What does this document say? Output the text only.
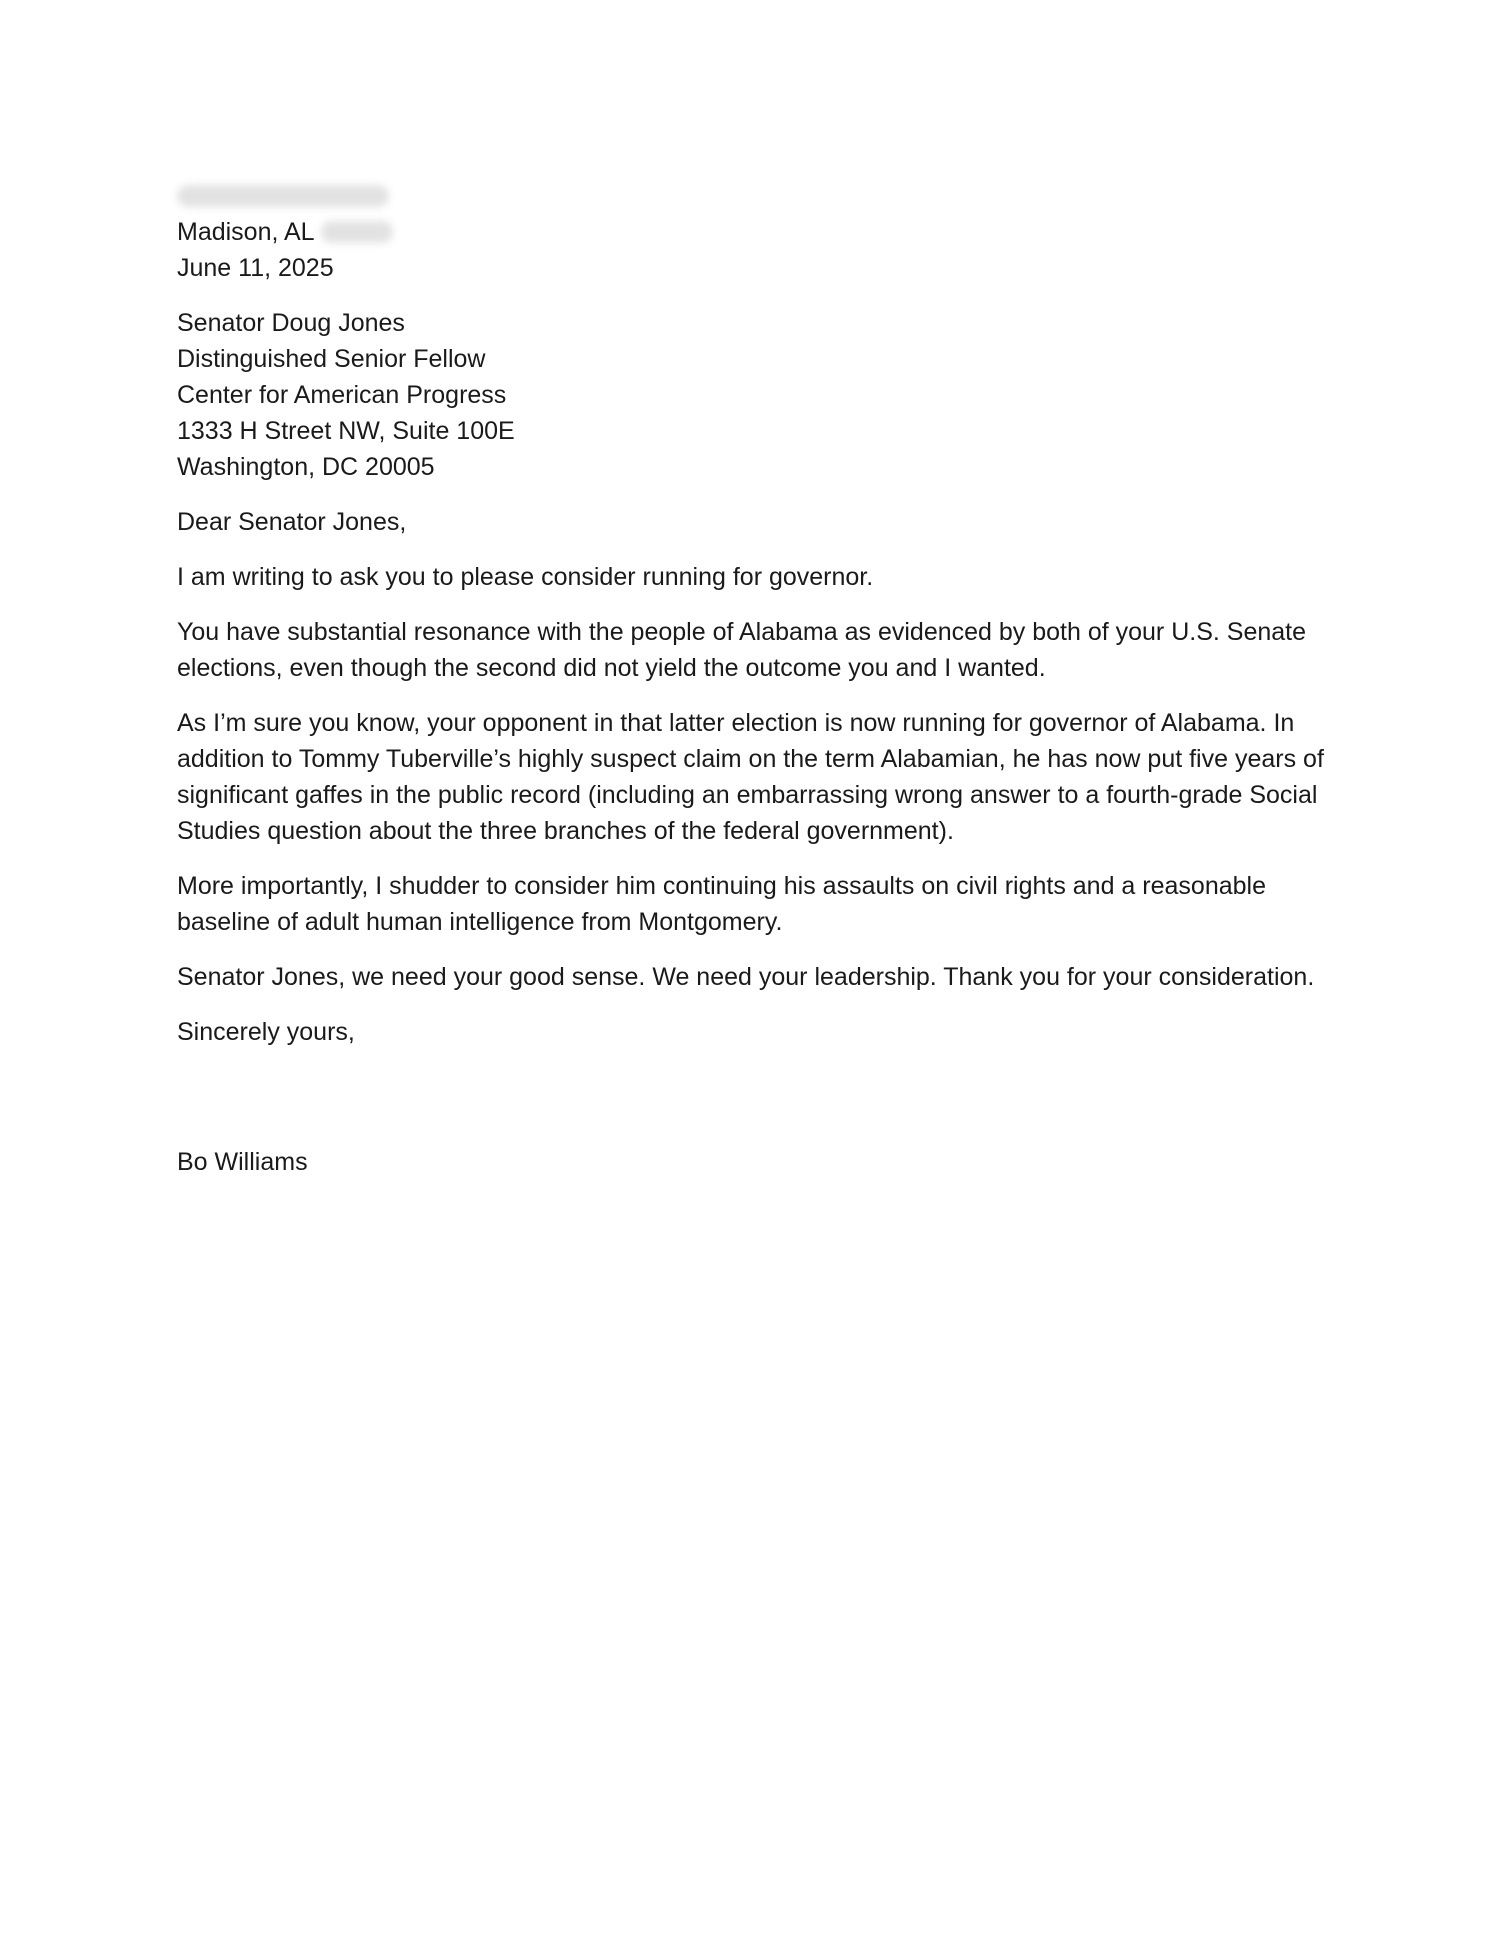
Madison, AL
June 11, 2025
Senator Doug Jones
Distinguished Senior Fellow
Center for American Progress
1333 H Street NW, Suite 100E
Washington, DC 20005

Dear Senator Jones,

I am writing to ask you to please consider running for governor.

You have substantial resonance with the people of Alabama as evidenced by both of your U.S. Senate elections, even though the second did not yield the outcome you and I wanted.

As I’m sure you know, your opponent in that latter election is now running for governor of Alabama. In addition to Tommy Tuberville’s highly suspect claim on the term Alabamian, he has now put five years of significant gaffes in the public record (including an embarrassing wrong answer to a fourth-grade Social Studies question about the three branches of the federal government).

More importantly, I shudder to consider him continuing his assaults on civil rights and a reasonable baseline of adult human intelligence from Montgomery.

Senator Jones, we need your good sense. We need your leadership. Thank you for your consideration.

Sincerely yours,

Bo Williams
